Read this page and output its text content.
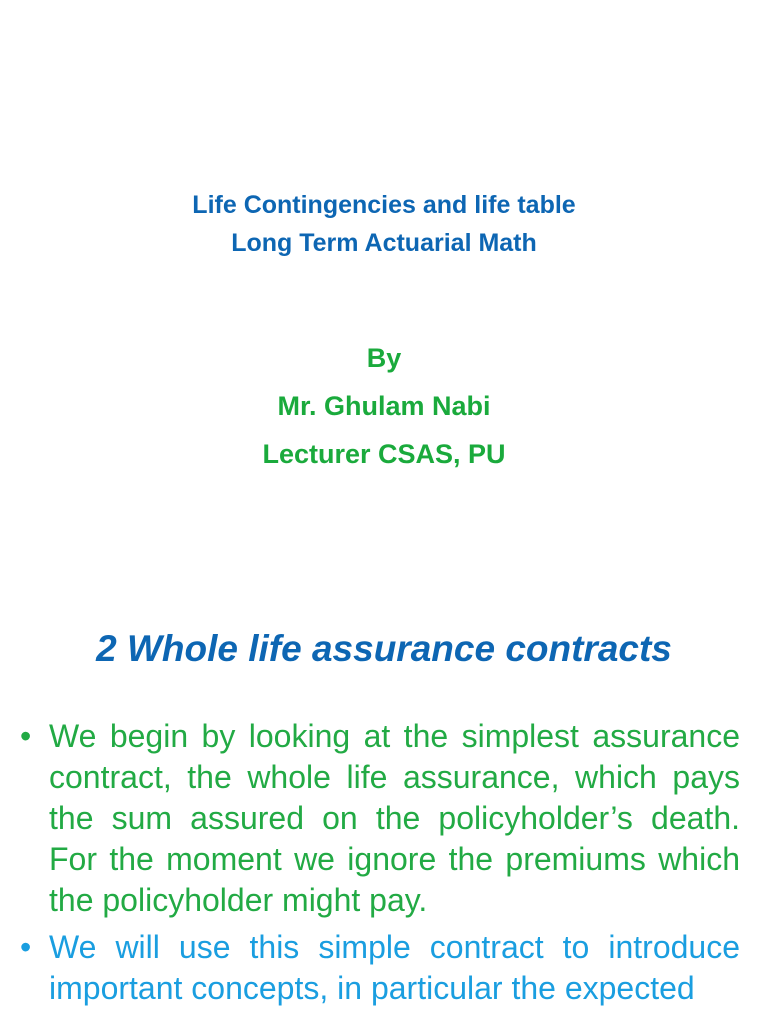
Life Contingencies and life table
Long Term Actuarial Math
By
Mr. Ghulam Nabi
Lecturer CSAS, PU
2 Whole life assurance contracts
• We begin by looking at the simplest assurance contract, the whole life assurance, which pays the sum assured on the policyholder’s death. For the moment we ignore the premiums which the policyholder might pay.
• We will use this simple contract to introduce important concepts, in particular the expected
